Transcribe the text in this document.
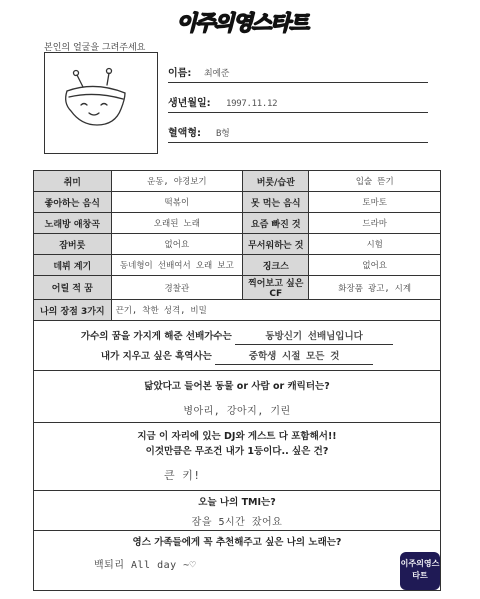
이주의영스타트
본인의 얼굴을 그려주세요
이름: 최예준
생년월일: 1997.11.12
혈액형: B형
취미	운동, 야경보기	버릇/습관	입술 뜯기
좋아하는 음식	떡볶이	못 먹는 음식	토마토
노래방 애창곡	오래된 노래	요즘 빠진 것	드라마
잠버릇	없어요	무서워하는 것	시험
데뷔 계기	동네형이 선배여서 오래 보고	징크스	없어요
어릴 적 꿈	경찰관	찍어보고 싶은 CF	화장품 광고, 시계
나의 장점 3가지	끈기, 착한 성격, 비밀		
가수의 꿈을 가지게 해준 선배가수는	동방신기 선배님입니다
내가 지우고 싶은 흑역사는	중학생 시절 모든 것
닮았다고 들어본 동물 or 사람 or 캐릭터는?
병아리, 강아지, 기린
지금 이 자리에 있는 DJ와 게스트 다 포함해서!!
이것만큼은 무조건 내가 1등이다.. 싶은 건?
큰 키!
오늘 나의 TMI는?
잠을 5시간 잤어요
영스 가족들에게 꼭 추천해주고 싶은 나의 노래는?
백퇴리 All day ~♡	이주의영스타트
